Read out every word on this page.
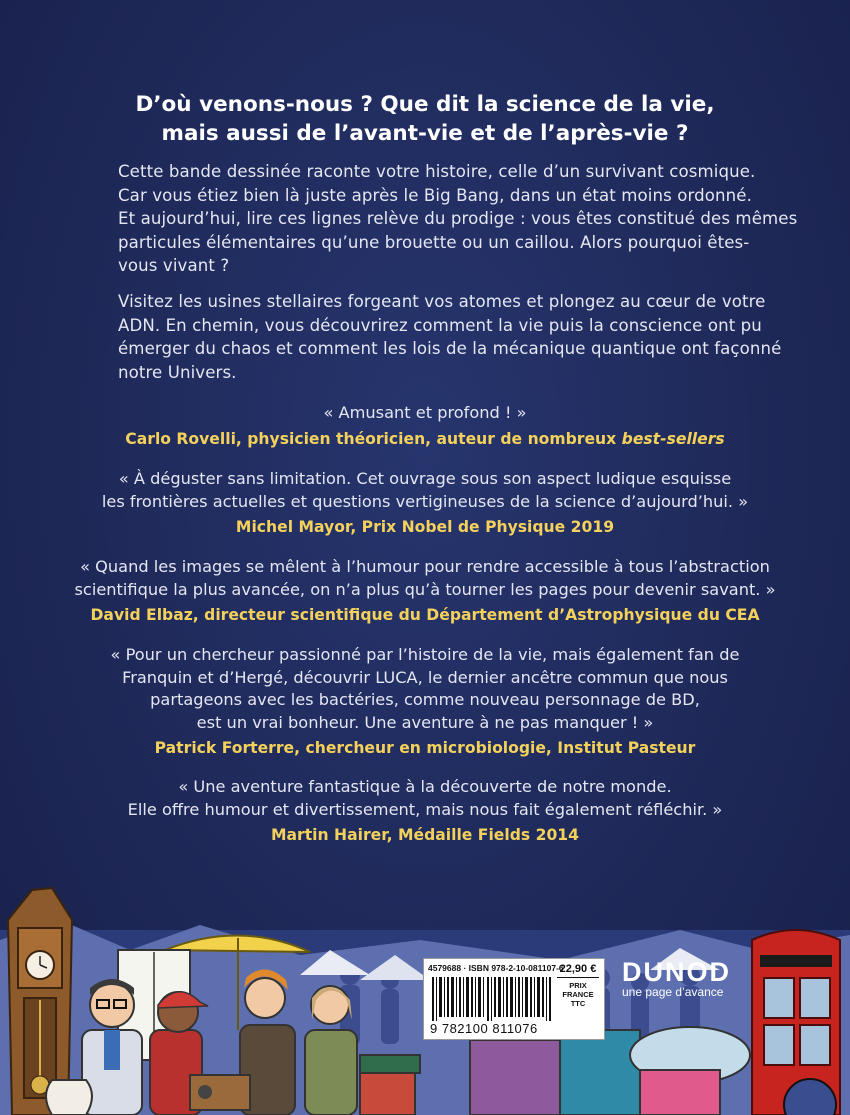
D’où venons-nous ? Que dit la science de la vie,
mais aussi de l’avant-vie et de l’après-vie ?
Cette bande dessinée raconte votre histoire, celle d’un survivant cosmique.
Car vous étiez bien là juste après le Big Bang, dans un état moins ordonné.
Et aujourd’hui, lire ces lignes relève du prodige : vous êtes constitué des mêmes
particules élémentaires qu’une brouette ou un caillou. Alors pourquoi êtes-
vous vivant ?
Visitez les usines stellaires forgeant vos atomes et plongez au cœur de votre
ADN. En chemin, vous découvrirez comment la vie puis la conscience ont pu
émerger du chaos et comment les lois de la mécanique quantique ont façonné
notre Univers.
« Amusant et profond ! »
Carlo Rovelli, physicien théoricien, auteur de nombreux best-sellers
« À déguster sans limitation. Cet ouvrage sous son aspect ludique esquisse
les frontières actuelles et questions vertigineuses de la science d’aujourd’hui. »
Michel Mayor, Prix Nobel de Physique 2019
« Quand les images se mêlent à l’humour pour rendre accessible à tous l’abstraction
scientifique la plus avancée, on n’a plus qu’à tourner les pages pour devenir savant. »
David Elbaz, directeur scientifique du Département d’Astrophysique du CEA
« Pour un chercheur passionné par l’histoire de la vie, mais également fan de
Franquin et d’Hergé, découvrir LUCA, le dernier ancêtre commun que nous
partageons avec les bactéries, comme nouveau personnage de BD,
est un vrai bonheur. Une aventure à ne pas manquer ! »
Patrick Forterre, chercheur en microbiologie, Institut Pasteur
« Une aventure fantastique à la découverte de notre monde.
Elle offre humour et divertissement, mais nous fait également réfléchir. »
Martin Hairer, Médaille Fields 2014
4579688 · ISBN 978-2-10-081107-6
9 782100 811076
22,90 €
PRIX
FRANCE
TTC
DUNOD
une page d’avance
